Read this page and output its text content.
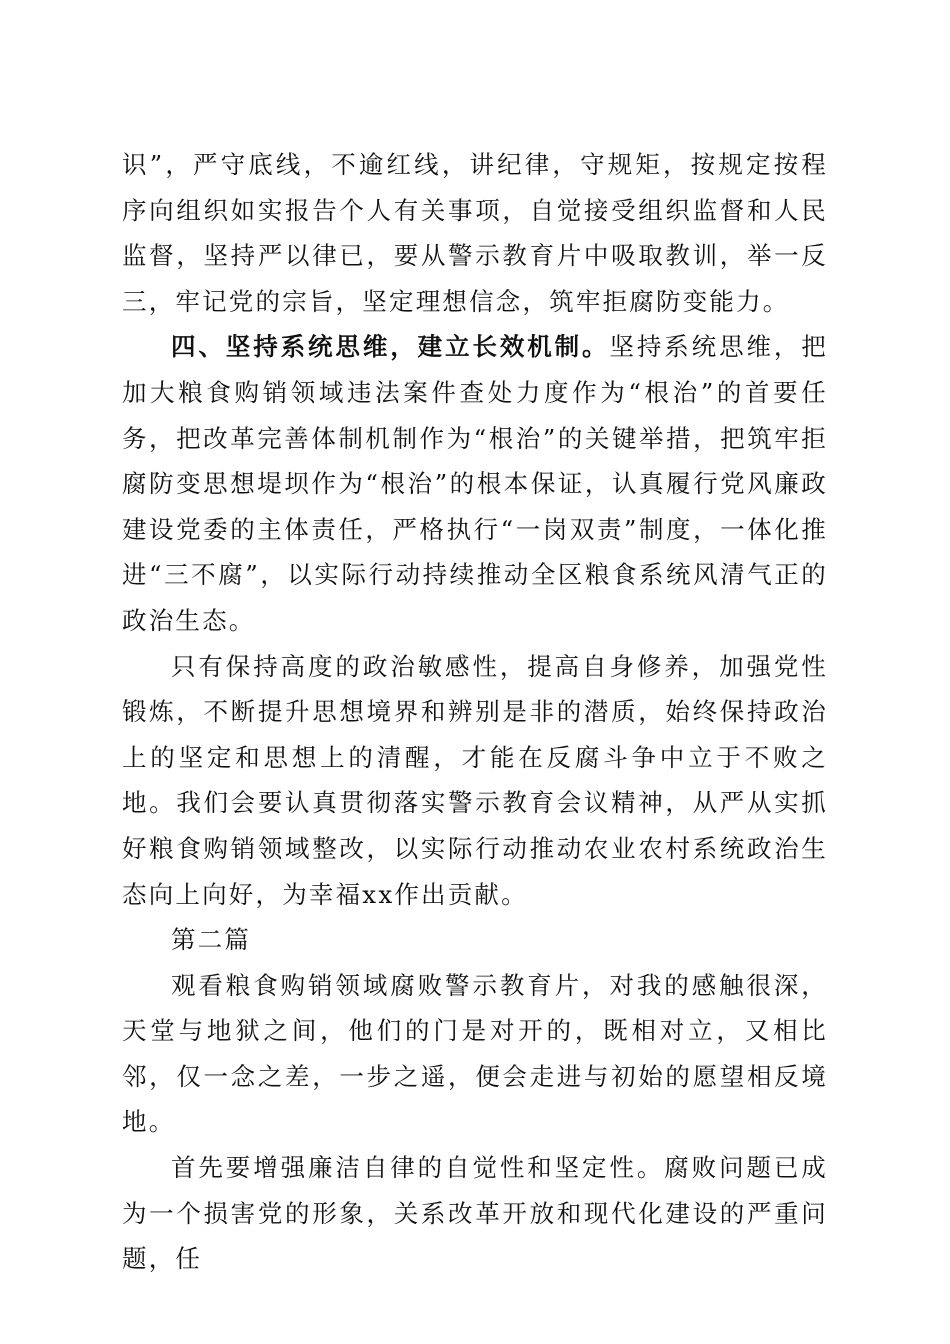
识”，严守底线，不逾红线，讲纪律，守规矩，按规定按程序向组织如实报告个人有关事项，自觉接受组织监督和人民监督，坚持严以律已，要从警示教育片中吸取教训，举一反三，牢记党的宗旨，坚定理想信念，筑牢拒腐防变能力。

四、坚持系统思维，建立长效机制。坚持系统思维，把加大粮食购销领域违法案件查处力度作为“根治”的首要任务，把改革完善体制机制作为“根治”的关键举措，把筑牢拒腐防变思想堤坝作为“根治”的根本保证，认真履行党风廉政建设党委的主体责任，严格执行“一岗双责”制度，一体化推进“三不腐”，以实际行动持续推动全区粮食系统风清气正的政治生态。

只有保持高度的政治敏感性，提高自身修养，加强党性锻炼，不断提升思想境界和辨别是非的潜质，始终保持政治上的坚定和思想上的清醒，才能在反腐斗争中立于不败之地。我们会要认真贯彻落实警示教育会议精神，从严从实抓好粮食购销领域整改，以实际行动推动农业农村系统政治生态向上向好，为幸福xx作出贡献。

第二篇

观看粮食购销领域腐败警示教育片，对我的感触很深，天堂与地狱之间，他们的门是对开的，既相对立，又相比邻，仅一念之差，一步之遥，便会走进与初始的愿望相反境地。

首先要增强廉洁自律的自觉性和坚定性。腐败问题已成为一个损害党的形象，关系改革开放和现代化建设的严重问题，任
